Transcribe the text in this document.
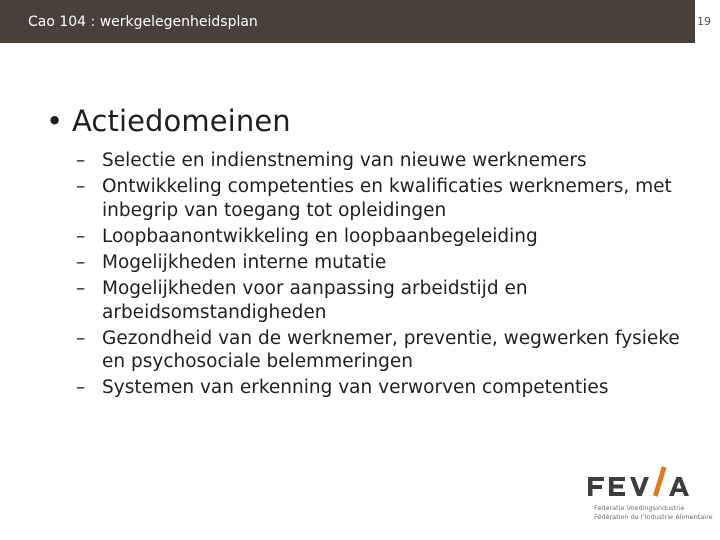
Cao 104 : werkgelegenheidsplan	19
• Actiedomeinen
– Selectie en indienstneming van nieuwe werknemers
– Ontwikkeling competenties en kwalificaties werknemers, met inbegrip van toegang tot opleidingen
– Loopbaanontwikkeling en loopbaanbegeleiding
– Mogelijkheden interne mutatie
– Mogelijkheden voor aanpassing arbeidstijd en arbeidsomstandigheden
– Gezondheid van de werknemer, preventie, wegwerken fysieke en psychosociale belemmeringen
– Systemen van erkenning van verworven competenties
Federatie Voedingsindustrie
Fédération de l'Industrie Alimentaire
